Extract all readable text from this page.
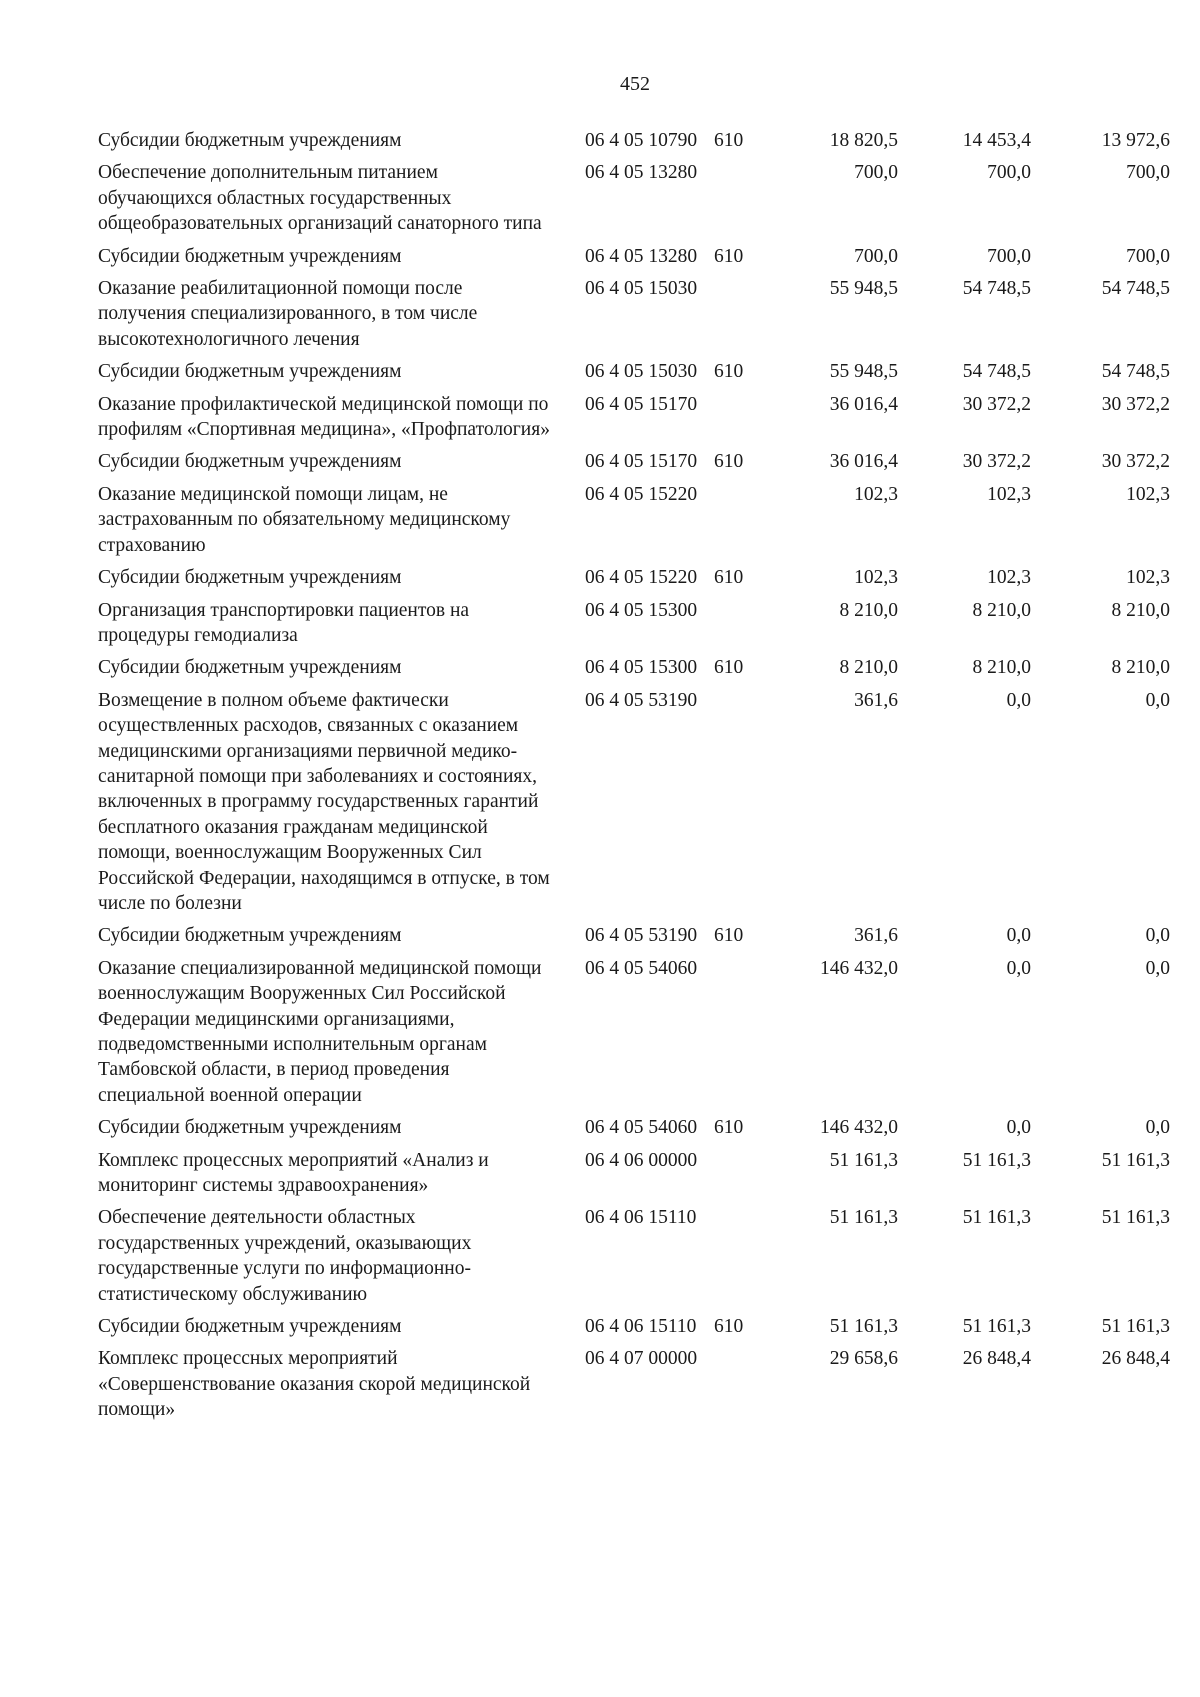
452
Субсидии бюджетным учреждениям	06 4 05 10790	610	18 820,5	14 453,4	13 972,6
Обеспечение дополнительным питанием обучающихся областных государственных общеобразовательных организаций санаторного типа	06 4 05 13280		700,0	700,0	700,0
Субсидии бюджетным учреждениям	06 4 05 13280	610	700,0	700,0	700,0
Оказание реабилитационной помощи после получения специализированного, в том числе высокотехнологичного лечения	06 4 05 15030		55 948,5	54 748,5	54 748,5
Субсидии бюджетным учреждениям	06 4 05 15030	610	55 948,5	54 748,5	54 748,5
Оказание профилактической медицинской помощи по профилям «Спортивная медицина», «Профпатология»	06 4 05 15170		36 016,4	30 372,2	30 372,2
Субсидии бюджетным учреждениям	06 4 05 15170	610	36 016,4	30 372,2	30 372,2
Оказание медицинской помощи лицам, не застрахованным по обязательному медицинскому страхованию	06 4 05 15220		102,3	102,3	102,3
Субсидии бюджетным учреждениям	06 4 05 15220	610	102,3	102,3	102,3
Организация транспортировки пациентов на процедуры гемодиализа	06 4 05 15300		8 210,0	8 210,0	8 210,0
Субсидии бюджетным учреждениям	06 4 05 15300	610	8 210,0	8 210,0	8 210,0
Возмещение в полном объеме фактически осуществленных расходов, связанных с оказанием медицинскими организациями первичной медико-санитарной помощи при заболеваниях и состояниях, включенных в программу государственных гарантий бесплатного оказания гражданам медицинской помощи, военнослужащим Вооруженных Сил Российской Федерации, находящимся в отпуске, в том числе по болезни	06 4 05 53190		361,6	0,0	0,0
Субсидии бюджетным учреждениям	06 4 05 53190	610	361,6	0,0	0,0
Оказание специализированной медицинской помощи военнослужащим Вооруженных Сил Российской Федерации медицинскими организациями, подведомственными исполнительным органам Тамбовской области, в период проведения специальной военной операции	06 4 05 54060		146 432,0	0,0	0,0
Субсидии бюджетным учреждениям	06 4 05 54060	610	146 432,0	0,0	0,0
Комплекс процессных мероприятий «Анализ и мониторинг системы здравоохранения»	06 4 06 00000		51 161,3	51 161,3	51 161,3
Обеспечение деятельности областных государственных учреждений, оказывающих государственные услуги по информационно-статистическому обслуживанию	06 4 06 15110		51 161,3	51 161,3	51 161,3
Субсидии бюджетным учреждениям	06 4 06 15110	610	51 161,3	51 161,3	51 161,3
Комплекс процессных мероприятий «Совершенствование оказания скорой медицинской помощи»	06 4 07 00000		29 658,6	26 848,4	26 848,4
